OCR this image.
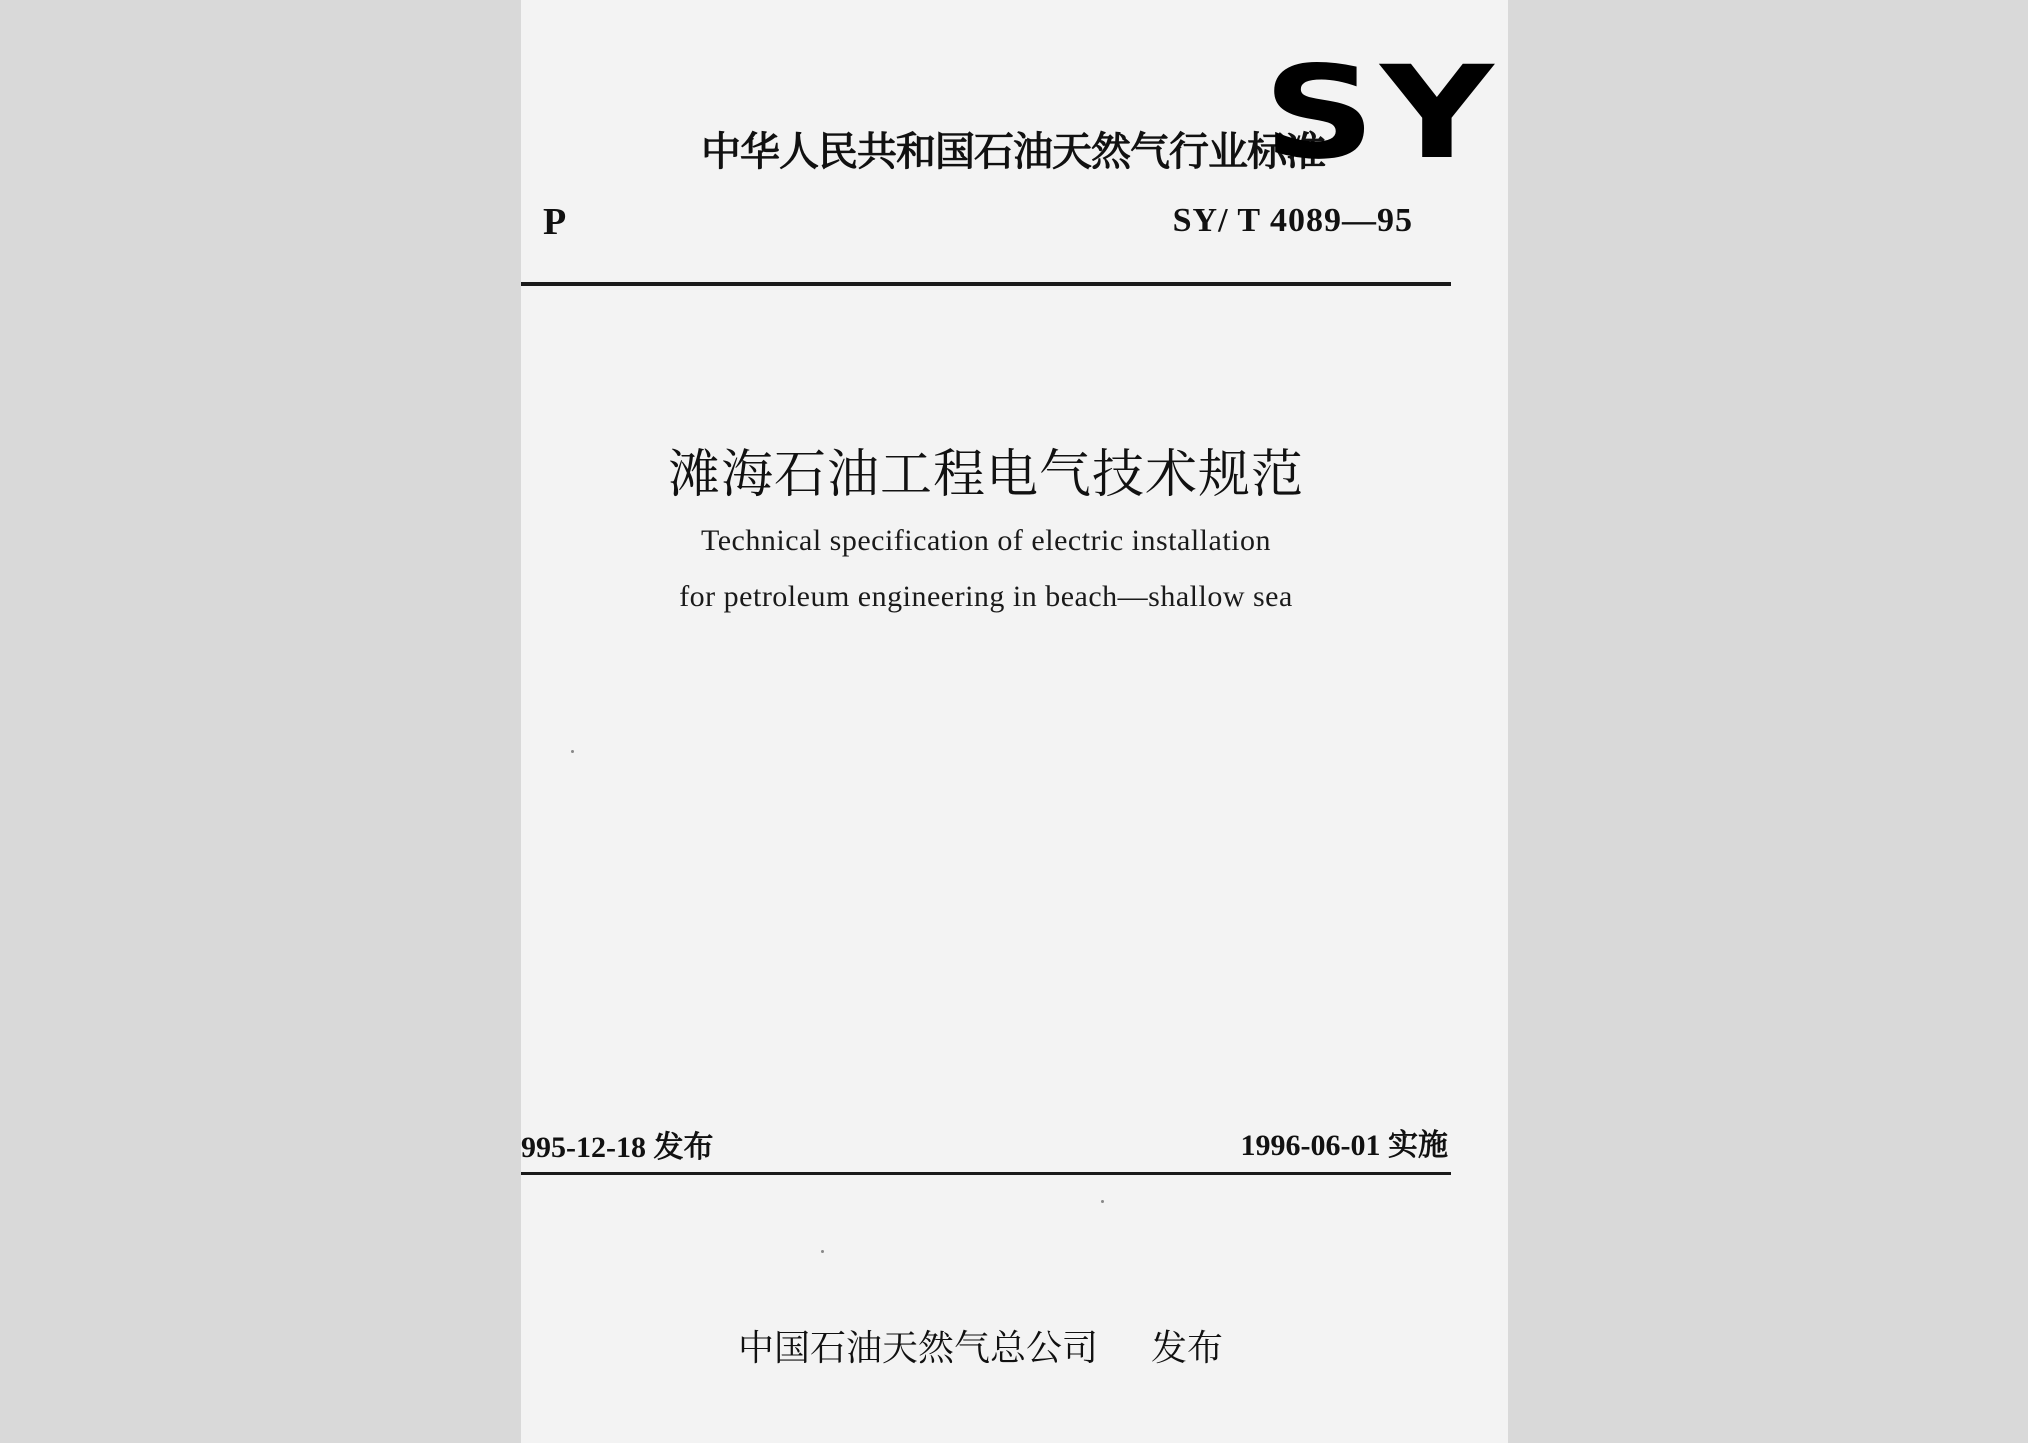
中华人民共和国石油天然气行业标准
SY
P	SY/ T 4089—95
滩海石油工程电气技术规范
Technical specification of electric installation
for petroleum engineering in beach—shallow sea
995-12-18 发布	1996-06-01 实施
中国石油天然气总公司 发布
